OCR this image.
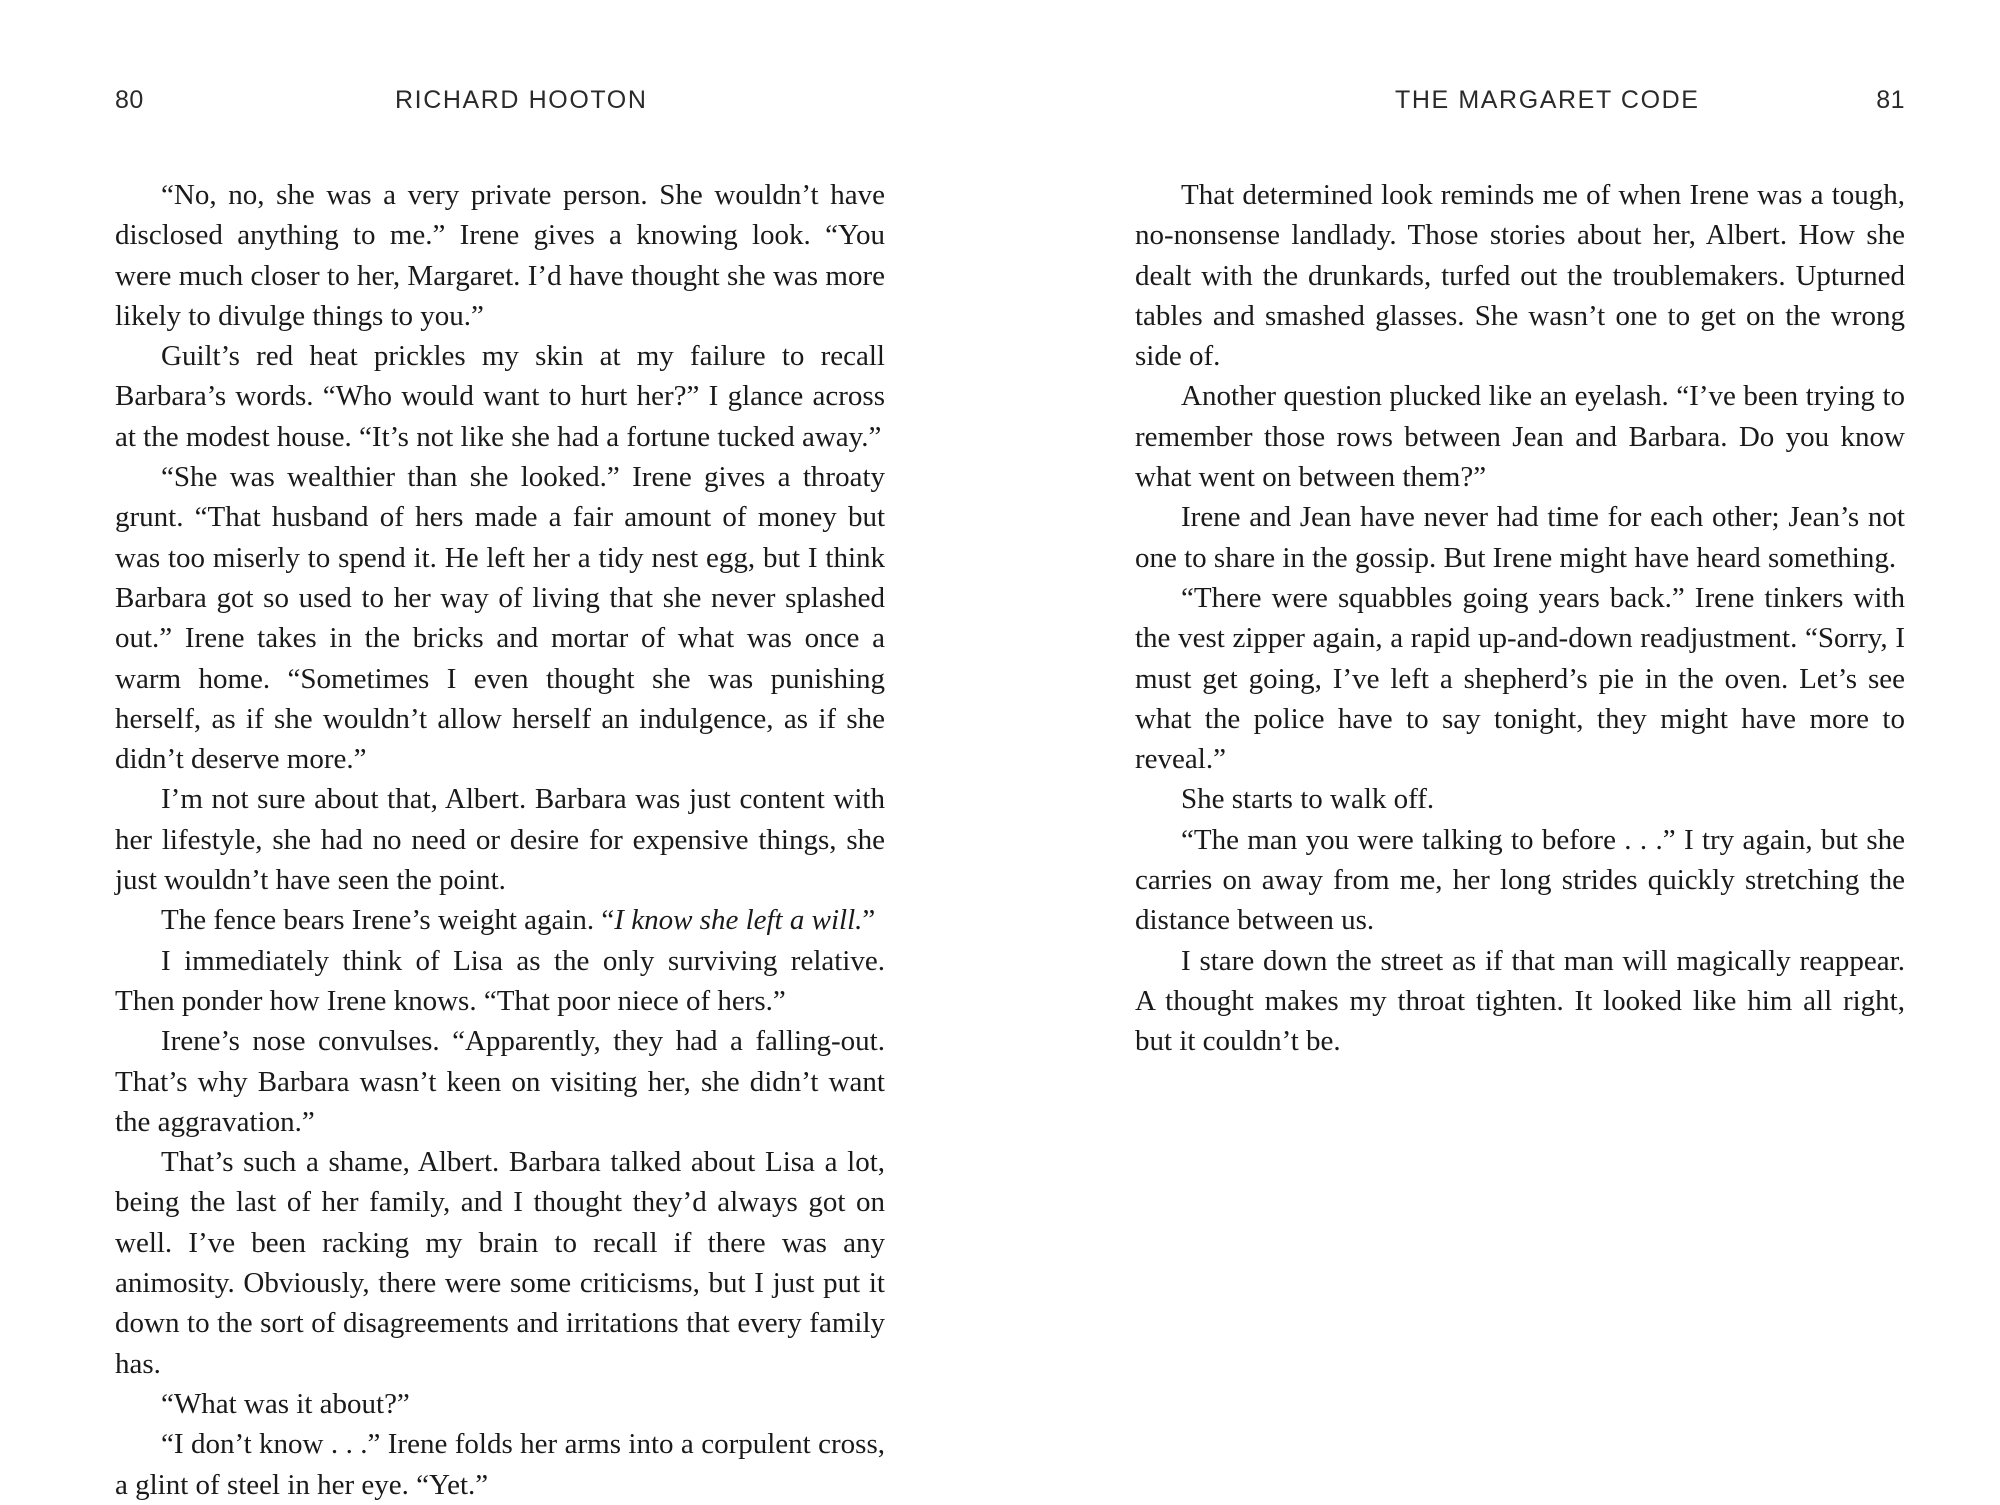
80	RICHARD HOOTON

“No, no, she was a very private person. She wouldn’t have disclosed anything to me.” Irene gives a knowing look. “You were much closer to her, Margaret. I’d have thought she was more likely to divulge things to you.”

Guilt’s red heat prickles my skin at my failure to recall Barbara’s words. “Who would want to hurt her?” I glance across at the modest house. “It’s not like she had a fortune tucked away.”

“She was wealthier than she looked.” Irene gives a throaty grunt. “That husband of hers made a fair amount of money but was too miserly to spend it. He left her a tidy nest egg, but I think Barbara got so used to her way of living that she never splashed out.” Irene takes in the bricks and mortar of what was once a warm home. “Sometimes I even thought she was punishing herself, as if she wouldn’t allow herself an indulgence, as if she didn’t deserve more.”

I’m not sure about that, Albert. Barbara was just content with her lifestyle, she had no need or desire for expensive things, she just wouldn’t have seen the point.

The fence bears Irene’s weight again. “I know she left a will.”

I immediately think of Lisa as the only surviving relative. Then ponder how Irene knows. “That poor niece of hers.”

Irene’s nose convulses. “Apparently, they had a falling-out. That’s why Barbara wasn’t keen on visiting her, she didn’t want the aggravation.”

That’s such a shame, Albert. Barbara talked about Lisa a lot, being the last of her family, and I thought they’d always got on well. I’ve been racking my brain to recall if there was any animosity. Obviously, there were some criticisms, but I just put it down to the sort of disagreements and irritations that every family has.

“What was it about?”

“I don’t know . . .” Irene folds her arms into a corpulent cross, a glint of steel in her eye. “Yet.”

THE MARGARET CODE	81

That determined look reminds me of when Irene was a tough, no-nonsense landlady. Those stories about her, Albert. How she dealt with the drunkards, turfed out the troublemakers. Upturned tables and smashed glasses. She wasn’t one to get on the wrong side of.

Another question plucked like an eyelash. “I’ve been trying to remember those rows between Jean and Barbara. Do you know what went on between them?”

Irene and Jean have never had time for each other; Jean’s not one to share in the gossip. But Irene might have heard something.

“There were squabbles going years back.” Irene tinkers with the vest zipper again, a rapid up-and-down readjustment. “Sorry, I must get going, I’ve left a shepherd’s pie in the oven. Let’s see what the police have to say tonight, they might have more to reveal.”

She starts to walk off.

“The man you were talking to before . . .” I try again, but she carries on away from me, her long strides quickly stretching the distance between us.

I stare down the street as if that man will magically reappear. A thought makes my throat tighten. It looked like him all right, but it couldn’t be.
